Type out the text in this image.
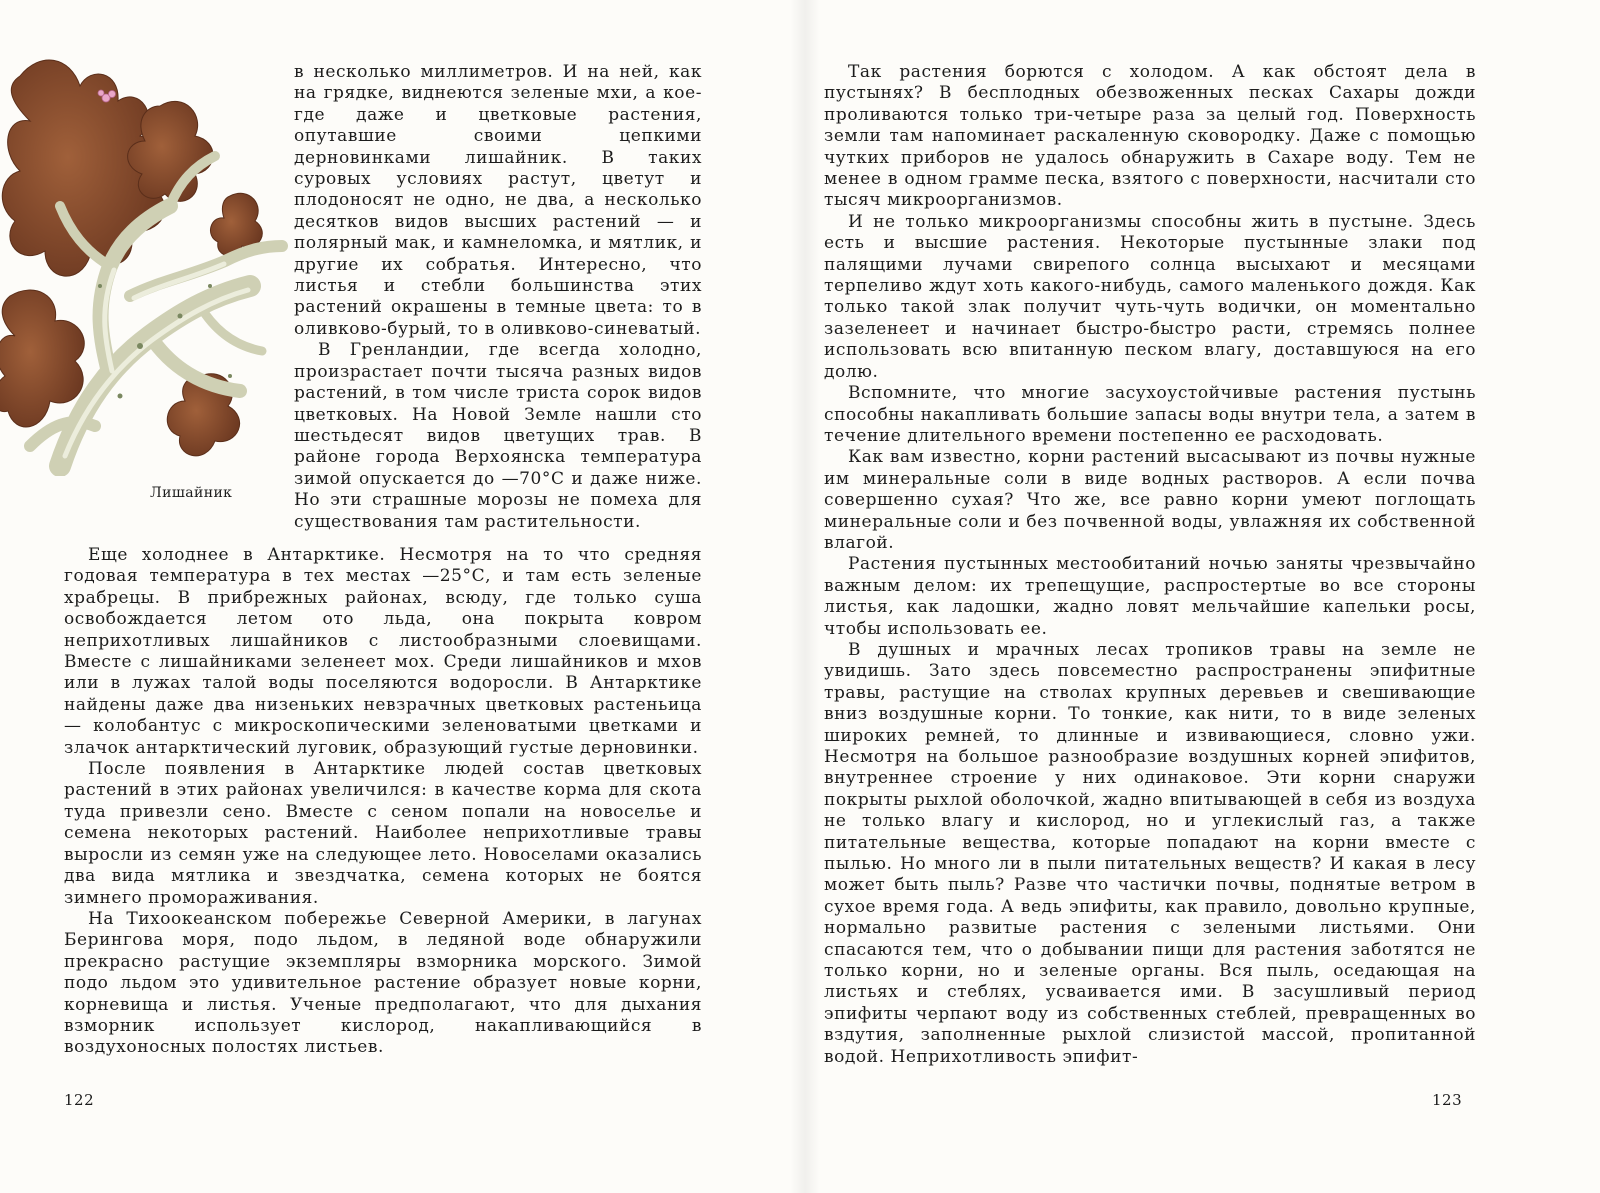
Лишайник

в несколько миллиметров. И на ней, как на грядке, виднеются зеленые мхи, а кое-где даже и цветковые растения, опутавшие своими цепкими дерновинками лишайник. В таких суровых условиях растут, цветут и плодоносят не одно, не два, а несколько десятков видов высших растений — и полярный мак, и камнеломка, и мятлик, и другие их собратья. Интересно, что листья и стебли большинства этих растений окрашены в темные цвета: то в оливково-бурый, то в оливково-синеватый.

В Гренландии, где всегда холодно, произрастает почти тысяча разных видов растений, в том числе триста сорок видов цветковых. На Новой Земле нашли сто шестьдесят видов цветущих трав. В районе города Верхоянска температура зимой опускается до —70°С и даже ниже. Но эти страшные морозы не помеха для существования там растительности.

Еще холоднее в Антарктике. Несмотря на то что средняя годовая температура в тех местах —25°С, и там есть зеленые храбрецы. В прибрежных районах, всюду, где только суша освобождается летом ото льда, она покрыта ковром неприхотливых лишайников с листообразными слоевищами. Вместе с лишайниками зеленеет мох. Среди лишайников и мхов или в лужах талой воды поселяются водоросли. В Антарктике найдены даже два низеньких невзрачных цветковых растеньица — колобантус с микроскопическими зеленоватыми цветками и злачок антарктический луговик, образующий густые дерновинки.

После появления в Антарктике людей состав цветковых растений в этих районах увеличился: в качестве корма для скота туда привезли сено. Вместе с сеном попали на новоселье и семена некоторых растений. Наиболее неприхотливые травы выросли из семян уже на следующее лето. Новоселами оказались два вида мятлика и звездчатка, семена которых не боятся зимнего промораживания.

На Тихоокеанском побережье Северной Америки, в лагунах Берингова моря, подо льдом, в ледяной воде обнаружили прекрасно растущие экземпляры взморника морского. Зимой подо льдом это удивительное растение образует новые корни, корневища и листья. Ученые предполагают, что для дыхания взморник использует кислород, накапливающийся в воздухоносных полостях листьев.

122

Так растения борются с холодом. А как обстоят дела в пустынях? В бесплодных обезвоженных песках Сахары дожди проливаются только три-четыре раза за целый год. Поверхность земли там напоминает раскаленную сковородку. Даже с помощью чутких приборов не удалось обнаружить в Сахаре воду. Тем не менее в одном грамме песка, взятого с поверхности, насчитали сто тысяч микроорганизмов.

И не только микроорганизмы способны жить в пустыне. Здесь есть и высшие растения. Некоторые пустынные злаки под палящими лучами свирепого солнца высыхают и месяцами терпеливо ждут хоть какого-нибудь, самого маленького дождя. Как только такой злак получит чуть-чуть водички, он моментально зазеленеет и начинает быстро-быстро расти, стремясь полнее использовать всю впитанную песком влагу, доставшуюся на его долю.

Вспомните, что многие засухоустойчивые растения пустынь способны накапливать большие запасы воды внутри тела, а затем в течение длительного времени постепенно ее расходовать.

Как вам известно, корни растений высасывают из почвы нужные им минеральные соли в виде водных растворов. А если почва совершенно сухая? Что же, все равно корни умеют поглощать минеральные соли и без почвенной воды, увлажняя их собственной влагой.

Растения пустынных местообитаний ночью заняты чрезвычайно важным делом: их трепещущие, распростертые во все стороны листья, как ладошки, жадно ловят мельчайшие капельки росы, чтобы использовать ее.

В душных и мрачных лесах тропиков травы на земле не увидишь. Зато здесь повсеместно распространены эпифитные травы, растущие на стволах крупных деревьев и свешивающие вниз воздушные корни. То тонкие, как нити, то в виде зеленых широких ремней, то длинные и извивающиеся, словно ужи. Несмотря на большое разнообразие воздушных корней эпифитов, внутреннее строение у них одинаковое. Эти корни снаружи покрыты рыхлой оболочкой, жадно впитывающей в себя из воздуха не только влагу и кислород, но и углекислый газ, а также питательные вещества, которые попадают на корни вместе с пылью. Но много ли в пыли питательных веществ? И какая в лесу может быть пыль? Разве что частички почвы, поднятые ветром в сухое время года. А ведь эпифиты, как правило, довольно крупные, нормально развитые растения с зелеными листьями. Они спасаются тем, что о добывании пищи для растения заботятся не только корни, но и зеленые органы. Вся пыль, оседающая на листьях и стеблях, усваивается ими. В засушливый период эпифиты черпают воду из собственных стеблей, превращенных во вздутия, заполненные рыхлой слизистой массой, пропитанной водой. Неприхотливость эпифит-

123
